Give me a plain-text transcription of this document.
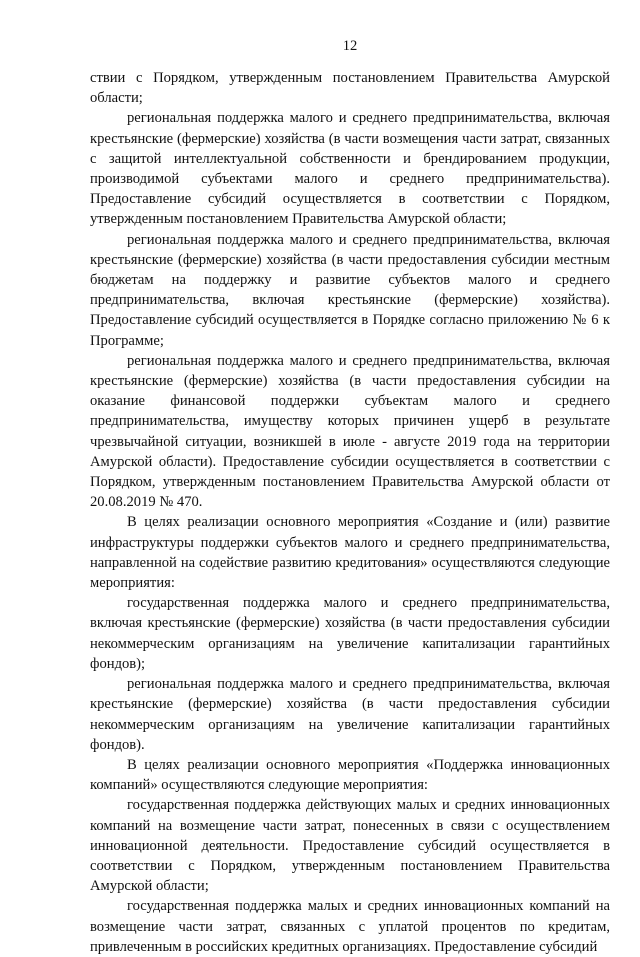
12

ствии с Порядком, утвержденным постановлением Правительства Амурской области;

региональная поддержка малого и среднего предпринимательства, включая крестьянские (фермерские) хозяйства (в части возмещения части затрат, связанных с защитой интеллектуальной собственности и брендированием продукции, производимой субъектами малого и среднего предпринимательства). Предоставление субсидий осуществляется в соответствии с Порядком, утвержденным постановлением Правительства Амурской области;

региональная поддержка малого и среднего предпринимательства, включая крестьянские (фермерские) хозяйства (в части предоставления субсидии местным бюджетам на поддержку и развитие субъектов малого и среднего предпринимательства, включая крестьянские (фермерские) хозяйства). Предоставление субсидий осуществляется в Порядке согласно приложению № 6 к Программе;

региональная поддержка малого и среднего предпринимательства, включая крестьянские (фермерские) хозяйства (в части предоставления субсидии на оказание финансовой поддержки субъектам малого и среднего предпринимательства, имуществу которых причинен ущерб в результате чрезвычайной ситуации, возникшей в июле - августе 2019 года на территории Амурской области). Предоставление субсидии осуществляется в соответствии с Порядком, утвержденным постановлением Правительства Амурской области от 20.08.2019 № 470.

В целях реализации основного мероприятия «Создание и (или) развитие инфраструктуры поддержки субъектов малого и среднего предпринимательства, направленной на содействие развитию кредитования» осуществляются следующие мероприятия:

государственная поддержка малого и среднего предпринимательства, включая крестьянские (фермерские) хозяйства (в части предоставления субсидии некоммерческим организациям на увеличение капитализации гарантийных фондов);

региональная поддержка малого и среднего предпринимательства, включая крестьянские (фермерские) хозяйства (в части предоставления субсидии некоммерческим организациям на увеличение капитализации гарантийных фондов).

В целях реализации основного мероприятия «Поддержка инновационных компаний» осуществляются следующие мероприятия:

государственная поддержка действующих малых и средних инновационных компаний на возмещение части затрат, понесенных в связи с осуществлением инновационной деятельности. Предоставление субсидий осуществляется в соответствии с Порядком, утвержденным постановлением Правительства Амурской области;

государственная поддержка малых и средних инновационных компаний на возмещение части затрат, связанных с уплатой процентов по кредитам, привлеченным в российских кредитных организациях. Предоставление субсидий
